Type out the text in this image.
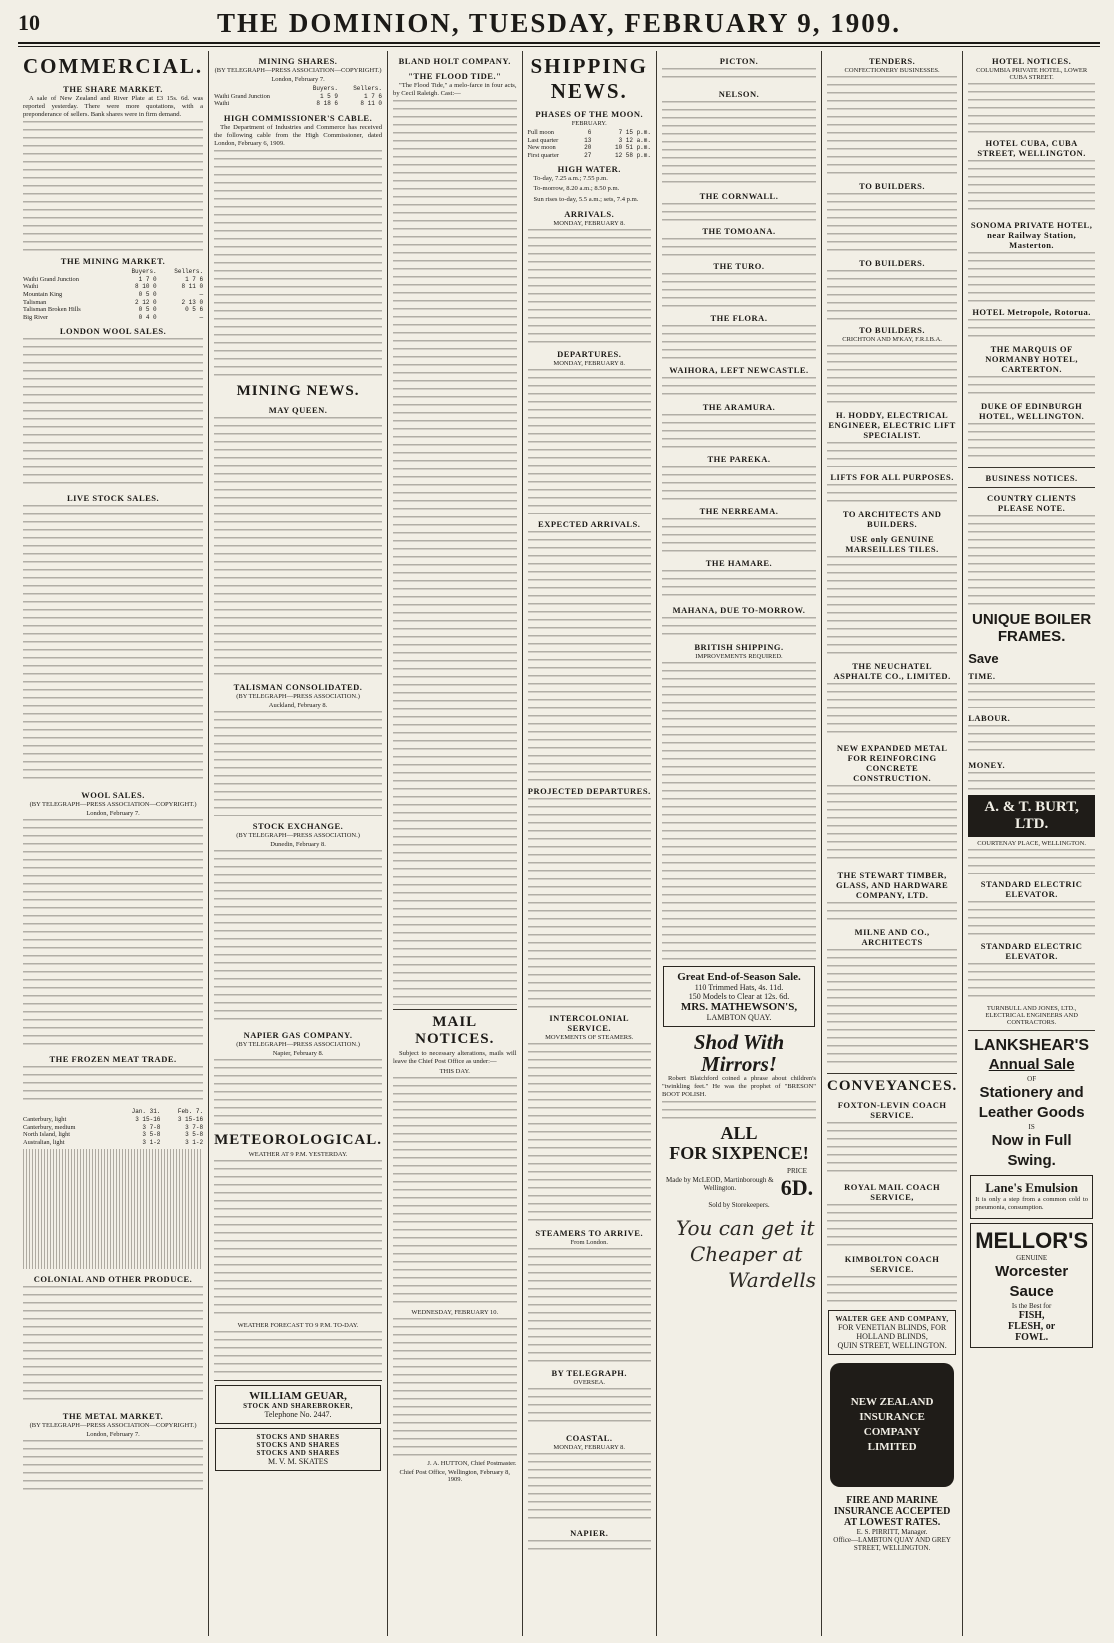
10	THE DOMINION, TUESDAY, FEBRUARY 9, 1909.
COMMERCIAL.
THE SHARE MARKET.
A sale of New Zealand and River Plate at £3 15s. 6d. was reported yesterday. There were more quotations, with a preponderance of sellers. Bank shares were in firm demand.
THE MINING MARKET.
	Buyers.	Sellers.
Waihi Grand Junction	1 7 0	1 7 6
Waihi	8 10 0	8 11 0
Mountain King	0 5 0	—
Talisman	2 12 0	2 13 0
Talisman Broken Hills	0 5 0	0 5 6
Big River	0 4 0	—
LONDON WOOL SALES.
LIVE STOCK SALES.
WOOL SALES.
(BY TELEGRAPH—PRESS ASSOCIATION—COPYRIGHT.)
London, February 7.
THE FROZEN MEAT TRADE.
	Jan. 31.	Feb. 7.
Canterbury, light	3 15-16	3 15-16
Canterbury, medium	3 7-8	3 7-8
North Island, light	3 5-8	3 5-8
Australian, light	3 1-2	3 1-2
COLONIAL AND OTHER PRODUCE.
THE METAL MARKET.
(BY TELEGRAPH—PRESS ASSOCIATION—COPYRIGHT.)
London, February 7.
MINING SHARES.
(BY TELEGRAPH—PRESS ASSOCIATION—COPYRIGHT.)
London, February 7.
	Buyers.	Sellers.
Waihi Grand Junction	1 5 9	1 7 6
Waihi	8 18 6	8 11 0
HIGH COMMISSIONER'S CABLE.
The Department of Industries and Commerce has received the following cable from the High Commissioner, dated London, February 6, 1909.
MINING NEWS.
MAY QUEEN.
TALISMAN CONSOLIDATED.
(BY TELEGRAPH—PRESS ASSOCIATION.)
Auckland, February 8.
STOCK EXCHANGE.
(BY TELEGRAPH—PRESS ASSOCIATION.)
Dunedin, February 8.
NAPIER GAS COMPANY.
(BY TELEGRAPH—PRESS ASSOCIATION.)
Napier, February 8.
METEOROLOGICAL.
WEATHER AT 9 P.M. YESTERDAY.
WEATHER FORECAST TO 9 P.M. TO-DAY.
WILLIAM GEUAR,
STOCK AND SHAREBROKER,
Telephone No. 2447.
STOCKS AND SHARES
STOCKS AND SHARES
STOCKS AND SHARES
M. V. M. SKATES
BLAND HOLT COMPANY.
"THE FLOOD TIDE."
"The Flood Tide," a melo-farce in four acts, by Cecil Raleigh. Cast:—
MAIL NOTICES.
Subject to necessary alterations, mails will leave the Chief Post Office as under:—
THIS DAY.
WEDNESDAY, FEBRUARY 10.
J. A. HUTTON, Chief Postmaster.
Chief Post Office, Wellington, February 8, 1909.
SHIPPING NEWS.
PHASES OF THE MOON.
FEBRUARY.
Full moon	6	7 15 p.m.
Last quarter	13	3 12 a.m.
New moon	20	10 51 p.m.
First quarter	27	12 58 p.m.
HIGH WATER.
To-day, 7.25 a.m.; 7.55 p.m.
To-morrow, 8.20 a.m.; 8.50 p.m.
Sun rises to-day, 5.5 a.m.; sets, 7.4 p.m.
ARRIVALS.
MONDAY, FEBRUARY 8.
DEPARTURES.
MONDAY, FEBRUARY 8.
EXPECTED ARRIVALS.
PROJECTED DEPARTURES.
INTERCOLONIAL SERVICE.
MOVEMENTS OF STEAMERS.
STEAMERS TO ARRIVE.
From London.
BY TELEGRAPH.
OVERSEA.
COASTAL.
MONDAY, FEBRUARY 8.
NAPIER.
PICTON.
NELSON.
THE CORNWALL.
THE TOMOANA.
THE TURO.
THE FLORA.
WAIHORA, LEFT NEWCASTLE.
THE ARAMURA.
THE PAREKA.
THE NERREAMA.
THE HAMARE.
MAHANA, DUE TO-MORROW.
BRITISH SHIPPING.
IMPROVEMENTS REQUIRED.
Great End-of-Season Sale.
110 Trimmed Hats, 4s. 11d.
150 Models to Clear at 12s. 6d.
MRS. MATHEWSON'S,
LAMBTON QUAY.
Shod With Mirrors!
Robert Blatchford coined a phrase about children's "twinkling feet." He was the prophet of "BRESON" BOOT POLISH.
ALL
FOR SIXPENCE!
Made by McLEOD, Martinborough & Wellington.
PRICE
6D.
Sold by Storekeepers.
You can get it
Cheaper at
Wardells
TENDERS.
CONFECTIONERY BUSINESSES.
TO BUILDERS.
TO BUILDERS.
TO BUILDERS.
CRICHTON AND M'KAY, F.R.I.B.A.
H. HODDY, ELECTRICAL ENGINEER, ELECTRIC LIFT SPECIALIST.
LIFTS FOR ALL PURPOSES.
TO ARCHITECTS AND BUILDERS.
USE only GENUINE MARSEILLES TILES.
THE NEUCHATEL ASPHALTE CO., LIMITED.
NEW EXPANDED METAL FOR REINFORCING CONCRETE CONSTRUCTION.
THE STEWART TIMBER, GLASS, AND HARDWARE COMPANY, LTD.
MILNE AND CO., ARCHITECTS
CONVEYANCES.
FOXTON-LEVIN COACH SERVICE.
ROYAL MAIL COACH SERVICE,
KIMBOLTON COACH SERVICE.
WALTER GEE AND COMPANY,
FOR VENETIAN BLINDS, FOR HOLLAND BLINDS,
QUIN STREET, WELLINGTON.
NEW ZEALAND
INSURANCE
COMPANY
LIMITED
FIRE AND MARINE INSURANCE ACCEPTED AT LOWEST RATES.
E. S. PIRRITT, Manager.
Office—LAMBTON QUAY AND GREY STREET, WELLINGTON.
HOTEL NOTICES.
COLUMBIA PRIVATE HOTEL, LOWER CUBA STREET.
HOTEL CUBA, CUBA STREET, WELLINGTON.
SONOMA PRIVATE HOTEL, near Railway Station, Masterton.
HOTEL Metropole, Rotorua.
THE MARQUIS OF NORMANBY HOTEL, CARTERTON.
DUKE OF EDINBURGH HOTEL, WELLINGTON.
BUSINESS NOTICES.
COUNTRY CLIENTS PLEASE NOTE.
UNIQUE BOILER FRAMES.
Save
TIME.
LABOUR.
MONEY.
A. & T. BURT, LTD.
COURTENAY PLACE, WELLINGTON.
STANDARD ELECTRIC ELEVATOR.
STANDARD ELECTRIC ELEVATOR.
TURNBULL AND JONES, LTD., ELECTRICAL ENGINEERS AND CONTRACTORS.
LANKSHEAR'S
Annual Sale
OF
Stationery and
Leather Goods
IS
Now in Full Swing.
Lane's Emulsion
It is only a step from a common cold to pneumonia, consumption.
MELLOR'S
GENUINE
Worcester Sauce
Is the Best for
FISH,
FLESH, or
FOWL.
